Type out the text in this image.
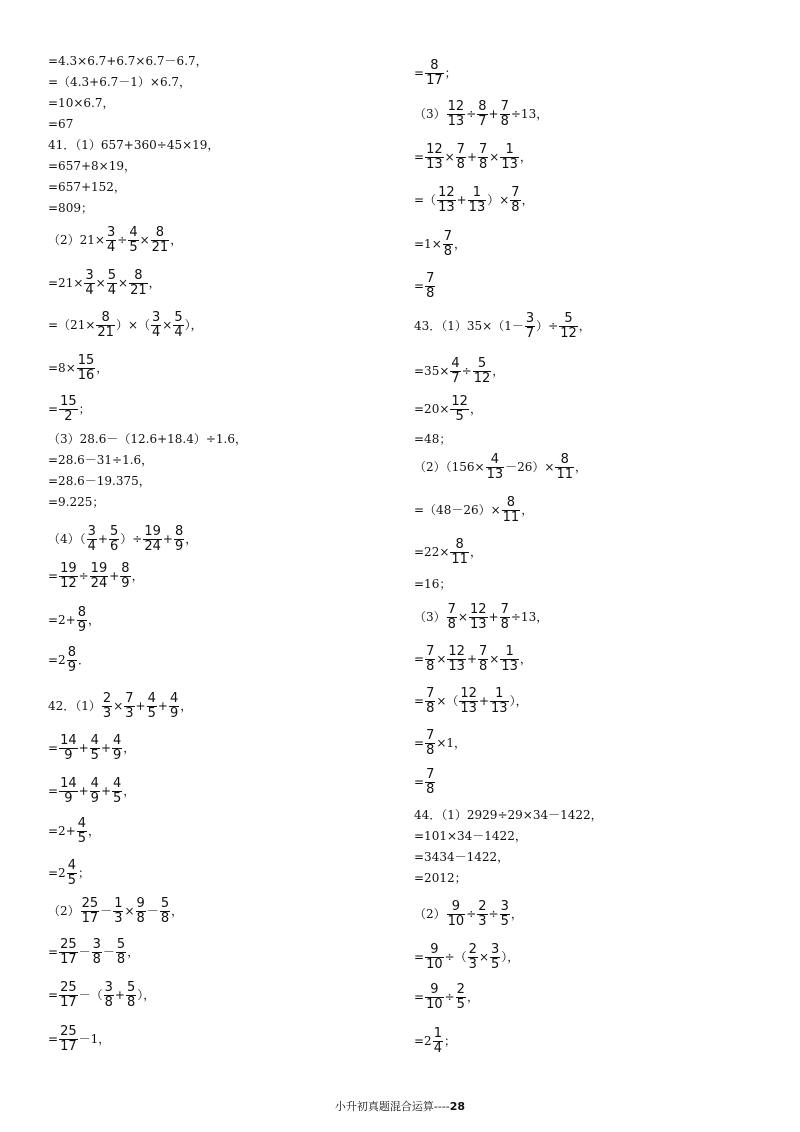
=4.3×6.7+6.7×6.7－6.7，
=（4.3+6.7－1）×6.7，
=10×6.7，
=67
41．（1）657+360÷45×19，
=657+8×19，
=657+152，
=809；
$(2)21\times \frac{3}{4} \div \frac{4}{5} \times \frac{8}{21}$ ，
$=21\times \frac{3}{4} \times \frac{5}{4} \times \frac{8}{21}$ ，
$=(21\times \frac{8}{21}$ ）×（ $\frac{3}{4} \times \frac{5}{4}$ ），
$=8\times \frac{15}{16}$ ，
= $\frac{15}{2}$ ；
（3）28.6－（12.6+18.4）÷1.6，
=28.6－31÷1.6，
=28.6－19.375，
=9.225；
$(4)( \frac{3}{4} + \frac{5}{6}$ ）÷ $\frac{19}{24} + \frac{8}{9}$ ，
= $\frac{19}{12} \div \frac{19}{24} + \frac{8}{9}$ ，
$=2+ \frac{8}{9}$ ，
$=2 \frac{8}{9}$ ．
42．$(1) \frac{2}{3} \times \frac{7}{3} + \frac{4}{5} + \frac{4}{9}$ ，
= $\frac{14}{9} + \frac{4}{5} + \frac{4}{9}$ ，
= $\frac{14}{9} + \frac{4}{9} + \frac{4}{5}$ ，
$=2+ \frac{4}{5}$ ，
$=2 \frac{4}{5}$ ；
$(2) \frac{25}{17} - \frac{1}{3} \times \frac{9}{8} - \frac{5}{8}$ ，
= $\frac{25}{17} - \frac{3}{8} - \frac{5}{8}$ ，
= $\frac{25}{17}$ －（ $\frac{3}{8} + \frac{5}{8}$ ），
= $\frac{25}{17} -1$，
= $\frac{8}{17}$ ；
$(3) \frac{12}{13} \div \frac{8}{7} + \frac{7}{8} \div 13$，
= $\frac{12}{13} \times \frac{7}{8} + \frac{7}{8} \times \frac{1}{13}$ ，
=（ $\frac{12}{13} + \frac{1}{13}$ ）× $\frac{7}{8}$ ，
$=1\times \frac{7}{8}$ ，
= $\frac{7}{8}$
43．$(1)35\times(1- \frac{3}{7}$ ）÷ $\frac{5}{12}$ ，
$=35\times \frac{4}{7} \div \frac{5}{12}$ ，
$=20\times \frac{12}{5}$ ，
=48；
$(2)(156\times \frac{4}{13} -26)\times \frac{8}{11}$ ，
$=(48-26)\times \frac{8}{11}$ ，
$=22\times \frac{8}{11}$ ，
=16；
$(3) \frac{7}{8} \times \frac{12}{13} + \frac{7}{8} \div 13$，
= $\frac{7}{8} \times \frac{12}{13} + \frac{7}{8} \times \frac{1}{13}$ ，
= $\frac{7}{8}$ ×（ $\frac{12}{13} + \frac{1}{13}$ ），
= $\frac{7}{8} \times 1$，
= $\frac{7}{8}$
44．（1）2929÷29×34－1422，
=101×34－1422，
=3434－1422，
=2012；
$(2) \frac{9}{10} \div \frac{2}{3} \div \frac{3}{5}$ ，
= $\frac{9}{10}$ ÷（ $\frac{2}{3} \times \frac{3}{5}$ ），
= $\frac{9}{10} \div \frac{2}{5}$ ，
$=2 \frac{1}{4}$ ；
小升初真题混合运算----28
